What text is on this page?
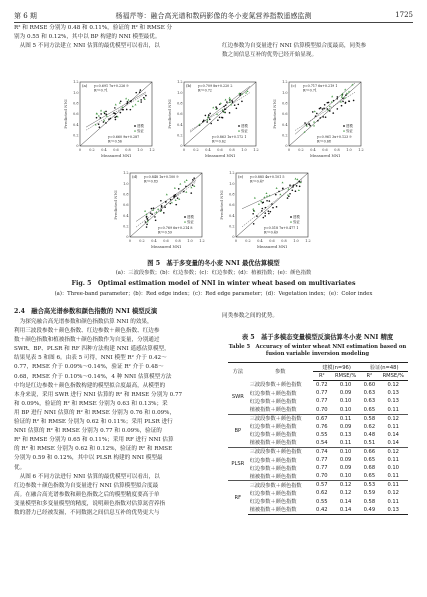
第 6 期	杨福芹等：融合高光谱和数码影像的冬小麦氮营养指数遥感监测	1725
R² 和 RMSE 分别为 0.48 和 0.11%，验证的 R² 和 RMSE 分
别为 0.55 和 0.12%，其中以 BP 构建的 NNI 模型最优。
　从图 5 不同方法建立 NNI 估算的最优模型可以看出，以	红边参数为自变量进行 NNI 估算模型拟合度最高，同类参
数之间信息互补的优势已经开始显现。
0 0.2 0.4 0.6 0.8 1.0 1.2
1.2
1.0
0.8
0.6
0.4
0.2
0
Measured NNI
Predicted NNI
y=0.691 7x+0.226 9
R²=0.71
y=0.660 9x+0.287
R²=0.56
(a)
建模
验证
0 0.2 0.4 0.6 0.8 1.0 1.2
1.2
1.0
0.8
0.6
0.4
0.2
0
Measured NNI
Predicted NNI
y=0.709 8x+0.220 2
R²=0.72
y=0.863 1x+0.172 1
R²=0.62
(b)
建模
验证
0 0.2 0.4 0.6 0.8 1.0 1.2
1.2
1.0
0.8
0.6
0.4
0.2
0
Measured NNI
Predicted NNI
y=0.717 6x+0.219 1
R²=0.71
y=0.961 3x+0.123 9
R²=0.68
(c)
建模
验证
0 0.2 0.4 0.6 0.8 1.0 1.2
1.2
1.0
0.8
0.6
0.4
0.2
0
Measured NNI
Predicted NNI
y=0.848 1x+0.100 9
R²=0.83
y=0.769 6x+0.214 8
R²=0.59
(d)
建模
验证
0 0.2 0.4 0.6 0.8 1.0 1.2
1.2
1.0
0.8
0.6
0.4
0.2
0
Measured NNI
Predicted NNI
y=0.885 4x+0.101 5
R²=0.47
y=0.518 7x+0.477 1
R²=0.49
(e)
建模
验证
图 5　基于多变量的冬小麦 NNI 最优估算模型
(a)：三波段参数；(b)：红边参数；(c)：红边参数；(d)：植被指数；(e)：颜色指数
Fig. 5　Optimal estimation model of NNI in winter wheat based on multivariates
(a)：Three-band parameter；(b)：Red edge index；(c)：Red edge parameter；(d)：Vegetation index；(e)：Color index
2.4　 融合高光谱参数和颜色指数的 NNI 模型反演
　为探究融合高光谱参数和颜色指数估算 NNI 的效果，
利用三波段参数＋颜色指数、红边参数＋颜色指数、红边参
数＋颜色指数和植被指数＋颜色指数作为自变量，分别通过
SWR、BP、PLSR 和 RF 四种方法构建 NNI 遥感估算模型，
结果见表 5 和图 6。由表 5 可得，NNI 模型 R² 介于 0.42～
0.77，RMSE 介于 0.09%～0.14%，验证 R² 介于 0.48～
0.68，RMSE 介于 0.10%～0.14%，4 种 NNI 估算模型方法
中均是红边参数＋颜色指数构建的模型拟合度最高，从模型的
本身来说，采用 SWR 进行 NNI 估算的 R² 和 RMSE 分别为 0.77
和 0.09%，验证的 R² 和 RMSE 分别为 0.63 和 0.13%；采
用 BP 进行 NNI 估算的 R² 和 RMSE 分别为 0.76 和 0.09%，
验证的 R² 和 RMSE 分别为 0.62 和 0.11%；采用 PLSR 进行
NNI 估算的 R² 和 RMSE 分别为 0.77 和 0.09%，验证的
R² 和 RMSE 分别为 0.65 和 0.11%；采用 RF 进行 NNI 估算
的 R² 和 RMSE 分别为 0.62 和 0.12%，验证的 R² 和 RMSE
分别为 0.59 和 0.12%，其中以 PLSR 构建的 NNI 模型最
优。
　从图 6 不同方法进行 NNI 估算的最优模型可以看出，以
红边参数＋颜色指数为自变量进行 NNI 估算模型拟合度最
高。在融合高光谱参数和颜色指数之后的模型精度要高于单
变量模型和多变量模型的精度，说明颜色指数对估算氮营养指
数的潜力已经被发掘，不同数据之间信息互补的优势更大与
同类参数之间的优势。
表 5　基于多模态变量模型反演估算冬小麦 NNI 精度
Table 5　Accuracy of winter wheat NNI estimation based on
fusion variable inversion modeling
方法	参数	建模(n=96)		验证(n=48)	
		R²	RMSE/%	R²	RMSE/%
SWR	三波段参数＋颜色指数	0.72	0.10	0.60	0.12
	红边参数＋颜色指数	0.77	0.09	0.63	0.13
	红边参数＋颜色指数	0.77	0.10	0.63	0.13
	植被指数＋颜色指数	0.70	0.10	0.65	0.11
BP	三波段参数＋颜色指数	0.67	0.11	0.58	0.12
	红边参数＋颜色指数	0.76	0.09	0.62	0.11
	红边参数＋颜色指数	0.55	0.13	0.48	0.14
	植被指数＋颜色指数	0.54	0.11	0.51	0.14
PLSR	三波段参数＋颜色指数	0.74	0.10	0.66	0.12
	红边参数＋颜色指数	0.77	0.09	0.65	0.11
	红边参数＋颜色指数	0.77	0.09	0.68	0.10
	植被指数＋颜色指数	0.70	0.10	0.65	0.11
RF	三波段参数＋颜色指数	0.57	0.12	0.53	0.11
	红边参数＋颜色指数	0.62	0.12	0.59	0.12
	红边参数＋颜色指数	0.55	0.14	0.58	0.11
	植被指数＋颜色指数	0.42	0.14	0.49	0.13
